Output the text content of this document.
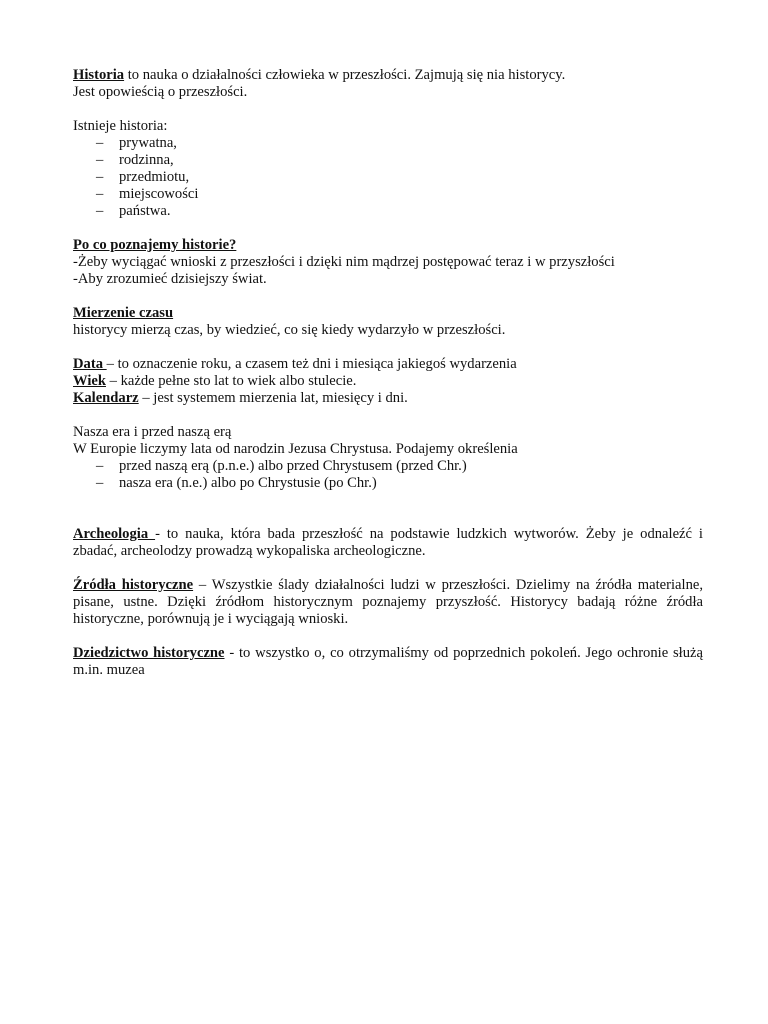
Historia to nauka o działalności człowieka w przeszłości. Zajmują się nia historycy.

Jest opowieścią o przeszłości.

Istnieje historia:

– prywatna,
– rodzinna,
– przedmiotu,
– miejscowości
– państwa.

Po co poznajemy historie?

-Żeby wyciągać wnioski z przeszłości i dzięki nim mądrzej postępować teraz i w przyszłości

-Aby zrozumieć dzisiejszy świat.

Mierzenie czasu

historycy mierzą czas, by wiedzieć, co się kiedy wydarzyło w przeszłości.

Data – to oznaczenie roku, a czasem też dni i miesiąca jakiegoś wydarzenia

Wiek – każde pełne sto lat to wiek albo stulecie.

Kalendarz – jest systemem mierzenia lat, miesięcy i dni.

Nasza era i przed naszą erą

W Europie liczymy lata od narodzin Jezusa Chrystusa. Podajemy określenia

– przed naszą erą (p.n.e.) albo przed Chrystusem (przed Chr.)
– nasza era (n.e.) albo po Chrystusie (po Chr.)

Archeologia - to nauka, która bada przeszłość na podstawie ludzkich wytworów. Żeby je odnaleźć i zbadać, archeolodzy prowadzą wykopaliska archeologiczne.

Źródła historyczne – Wszystkie ślady działalności ludzi w przeszłości. Dzielimy na źródła materialne, pisane, ustne. Dzięki źródłom historycznym poznajemy przyszłość. Historycy badają różne źródła historyczne, porównują je i wyciągają wnioski.

Dziedzictwo historyczne - to wszystko o, co otrzymaliśmy od poprzednich pokoleń. Jego ochronie służą m.in. muzea
